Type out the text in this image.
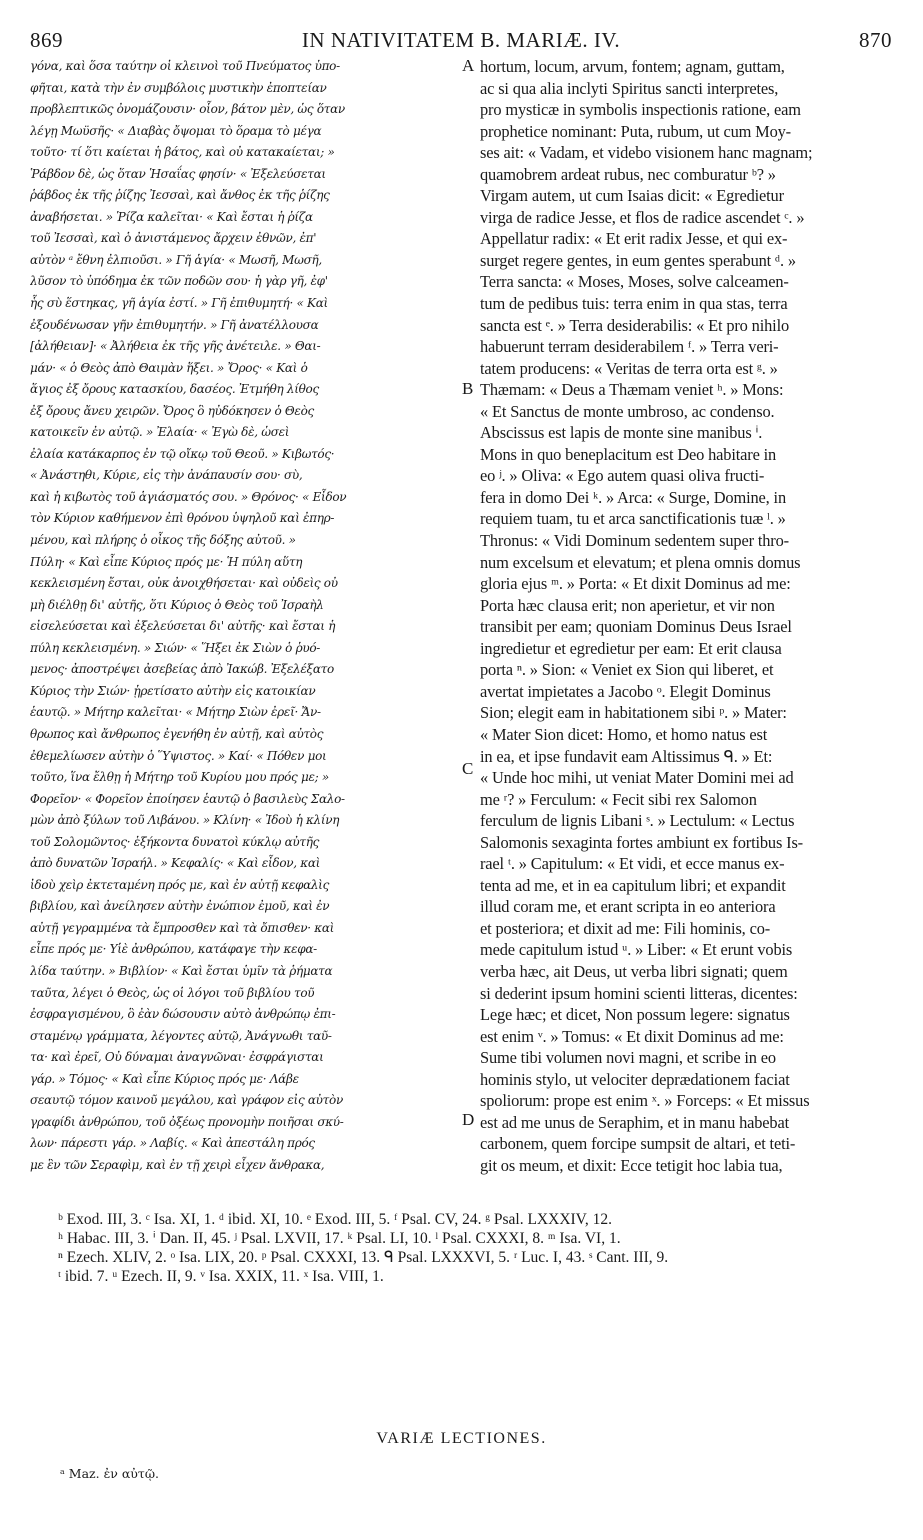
869	IN NATIVITATEM B. MARIÆ. IV.	870
γόνα, καὶ ὅσα ταύτην οἱ κλεινοὶ τοῦ Πνεύματος ὑπο-
φῆται, κατὰ τὴν ἐν συμβόλοις μυστικὴν ἐποπτείαν
προβλεπτικῶς ὀνομάζουσιν· οἷον, βάτον μὲν, ὡς ὅταν
λέγῃ Μωϋσῆς· « Διαβὰς ὄψομαι τὸ ὅραμα τὸ μέγα
τοῦτο· τί ὅτι καίεται ἡ βάτος, καὶ οὐ κατακαίεται; »
Ῥάβδον δὲ, ὡς ὅταν Ἡσαΐας φησίν· « Ἐξελεύσεται
ῥάβδος ἐκ τῆς ῥίζης Ἰεσσαὶ, καὶ ἄνθος ἐκ τῆς ῥίζης
ἀναβήσεται. » Ῥίζα καλεῖται· « Καὶ ἔσται ἡ ῥίζα
τοῦ Ἰεσσαὶ, καὶ ὁ ἀνιστάμενος ἄρχειν ἐθνῶν, ἐπ'
αὐτὸν ᵃ ἔθνη ἐλπιοῦσι. » Γῆ ἁγία· « Μωσῆ, Μωσῆ,
λῦσον τὸ ὑπόδημα ἐκ τῶν ποδῶν σου· ἡ γὰρ γῆ, ἐφ'
ἧς σὺ ἕστηκας, γῆ ἁγία ἐστί. » Γῆ ἐπιθυμητή· « Καὶ
ἐξουδένωσαν γῆν ἐπιθυμητήν. » Γῆ ἀνατέλλουσα
[ἀλήθειαν]· « Ἀλήθεια ἐκ τῆς γῆς ἀνέτειλε. » Θαι-
μάν· « ὁ Θεὸς ἀπὸ Θαιμὰν ἥξει. » Ὄρος· « Καὶ ὁ
ἅγιος ἐξ ὄρους κατασκίου, δασέος. Ἐτμήθη λίθος
ἐξ ὄρους ἄνευ χειρῶν. Ὄρος ὃ ηὐδόκησεν ὁ Θεὸς
κατοικεῖν ἐν αὐτῷ. » Ἐλαία· « Ἐγὼ δὲ, ὡσεὶ
ἐλαία κατάκαρπος ἐν τῷ οἴκῳ τοῦ Θεοῦ. » Κιβωτός·
« Ἀνάστηθι, Κύριε, εἰς τὴν ἀνάπαυσίν σου· σὺ,
καὶ ἡ κιβωτὸς τοῦ ἁγιάσματός σου. » Θρόνος· « Εἶδον
τὸν Κύριον καθήμενον ἐπὶ θρόνου ὑψηλοῦ καὶ ἐπηρ-
μένου, καὶ πλήρης ὁ οἶκος τῆς δόξης αὐτοῦ. »
Πύλη· « Καὶ εἶπε Κύριος πρός με· Ἡ πύλη αὕτη
κεκλεισμένη ἔσται, οὐκ ἀνοιχθήσεται· καὶ οὐδεὶς οὐ
μὴ διέλθῃ δι' αὐτῆς, ὅτι Κύριος ὁ Θεὸς τοῦ Ἰσραὴλ
εἰσελεύσεται καὶ ἐξελεύσεται δι' αὐτῆς· καὶ ἔσται ἡ
πύλη κεκλεισμένη. » Σιών· « Ἥξει ἐκ Σιὼν ὁ ῥυό-
μενος· ἀποστρέψει ἀσεβείας ἀπὸ Ἰακώβ. Ἐξελέξατο
Κύριος τὴν Σιών· ᾑρετίσατο αὐτὴν εἰς κατοικίαν
ἑαυτῷ. » Μήτηρ καλεῖται· « Μήτηρ Σιὼν ἐρεῖ· Ἄν-
θρωπος καὶ ἄνθρωπος ἐγενήθη ἐν αὐτῇ, καὶ αὐτὸς
ἐθεμελίωσεν αὐτὴν ὁ Ὕψιστος. » Καί· « Πόθεν μοι
τοῦτο, ἵνα ἔλθῃ ἡ Μήτηρ τοῦ Κυρίου μου πρός με; »
Φορεῖον· « Φορεῖον ἐποίησεν ἑαυτῷ ὁ βασιλεὺς Σαλο-
μὼν ἀπὸ ξύλων τοῦ Λιβάνου. » Κλίνη· « Ἰδοὺ ἡ κλίνη
τοῦ Σολομῶντος· ἑξήκοντα δυνατοὶ κύκλῳ αὐτῆς
ἀπὸ δυνατῶν Ἰσραήλ. » Κεφαλίς· « Καὶ εἶδον, καὶ
ἰδοὺ χεὶρ ἐκτεταμένη πρός με, καὶ ἐν αὐτῇ κεφαλὶς
βιβλίου, καὶ ἀνείλησεν αὐτὴν ἐνώπιον ἐμοῦ, καὶ ἐν
αὐτῇ γεγραμμένα τὰ ἔμπροσθεν καὶ τὰ ὄπισθεν· καὶ
εἶπε πρός με· Υἱὲ ἀνθρώπου, κατάφαγε τὴν κεφα-
λίδα ταύτην. » Βιβλίον· « Καὶ ἔσται ὑμῖν τὰ ῥήματα
ταῦτα, λέγει ὁ Θεὸς, ὡς οἱ λόγοι τοῦ βιβλίου τοῦ
ἐσφραγισμένου, ὃ ἐὰν δώσουσιν αὐτὸ ἀνθρώπῳ ἐπι-
σταμένῳ γράμματα, λέγοντες αὐτῷ, Ἀνάγνωθι ταῦ-
τα· καὶ ἐρεῖ, Οὐ δύναμαι ἀναγνῶναι· ἐσφράγισται
γάρ. » Τόμος· « Καὶ εἶπε Κύριος πρός με· Λάβε
σεαυτῷ τόμον καινοῦ μεγάλου, καὶ γράφον εἰς αὐτὸν
γραφίδι ἀνθρώπου, τοῦ ὀξέως προνομὴν ποιῆσαι σκύ-
λων· πάρεστι γάρ. » Λαβίς. « Καὶ ἀπεστάλη πρός
με ἓν τῶν Σεραφὶμ, καὶ ἐν τῇ χειρὶ εἶχεν ἄνθρακα,
hortum, locum, arvum, fontem; agnam, guttam,
ac si qua alia inclyti Spiritus sancti interpretes,
pro mysticæ in symbolis inspectionis ratione, eam
prophetice nominant: Puta, rubum, ut cum Moy-
ses ait: « Vadam, et videbo visionem hanc magnam;
quamobrem ardeat rubus, nec comburatur ᵇ? »
Virgam autem, ut cum Isaias dicit: « Egredietur
virga de radice Jesse, et flos de radice ascendet ᶜ. »
Appellatur radix: « Et erit radix Jesse, et qui ex-
surget regere gentes, in eum gentes sperabunt ᵈ. »
Terra sancta: « Moses, Moses, solve calceamen-
tum de pedibus tuis: terra enim in qua stas, terra
sancta est ᵉ. » Terra desiderabilis: « Et pro nihilo
habuerunt terram desiderabilem ᶠ. » Terra veri-
tatem producens: « Veritas de terra orta est ᵍ. »
Thæmam: « Deus a Thæmam veniet ʰ. » Mons:
« Et Sanctus de monte umbroso, ac condenso.
Abscissus est lapis de monte sine manibus ⁱ.
Mons in quo beneplacitum est Deo habitare in
eo ʲ. » Oliva: « Ego autem quasi oliva fructi-
fera in domo Dei ᵏ. » Arca: « Surge, Domine, in
requiem tuam, tu et arca sanctificationis tuæ ˡ. »
Thronus: « Vidi Dominum sedentem super thro-
num excelsum et elevatum; et plena omnis domus
gloria ejus ᵐ. » Porta: « Et dixit Dominus ad me:
Porta hæc clausa erit; non aperietur, et vir non
transibit per eam; quoniam Dominus Deus Israel
ingredietur et egredietur per eam: Et erit clausa
porta ⁿ. » Sion: « Veniet ex Sion qui liberet, et
avertat impietates a Jacobo ᵒ. Elegit Dominus
Sion; elegit eam in habitationem sibi ᵖ. » Mater:
« Mater Sion dicet: Homo, et homo natus est
in ea, et ipse fundavit eam Altissimus ᑫ. » Et:
« Unde hoc mihi, ut veniat Mater Domini mei ad
me ʳ? » Ferculum: « Fecit sibi rex Salomon
ferculum de lignis Libani ˢ. » Lectulum: « Lectus
Salomonis sexaginta fortes ambiunt ex fortibus Is-
rael ᵗ. » Capitulum: « Et vidi, et ecce manus ex-
tenta ad me, et in ea capitulum libri; et expandit
illud coram me, et erant scripta in eo anteriora
et posteriora; et dixit ad me: Fili hominis, co-
mede capitulum istud ᵘ. » Liber: « Et erunt vobis
verba hæc, ait Deus, ut verba libri signati; quem
si dederint ipsum homini scienti litteras, dicentes:
Lege hæc; et dicet, Non possum legere: signatus
est enim ᵛ. » Tomus: « Et dixit Dominus ad me:
Sume tibi volumen novi magni, et scribe in eo
hominis stylo, ut velociter deprædationem faciat
spoliorum: prope est enim ˣ. » Forceps: « Et missus
est ad me unus de Seraphim, et in manu habebat
carbonem, quem forcipe sumpsit de altari, et teti-
git os meum, et dixit: Ecce tetigit hoc labia tua,
A
B
C
D
ᵇ Exod. III, 3. ᶜ Isa. XI, 1. ᵈ ibid. XI, 10. ᵉ Exod. III, 5. ᶠ Psal. CV, 24. ᵍ Psal. LXXXIV, 12.
ʰ Habac. III, 3. ⁱ Dan. II, 45. ʲ Psal. LXVII, 17. ᵏ Psal. LI, 10. ˡ Psal. CXXXI, 8. ᵐ Isa. VI, 1.
ⁿ Ezech. XLIV, 2. ᵒ Isa. LIX, 20. ᵖ Psal. CXXXI, 13. ᑫ Psal. LXXXVI, 5. ʳ Luc. I, 43. ˢ Cant. III, 9.
ᵗ ibid. 7. ᵘ Ezech. II, 9. ᵛ Isa. XXIX, 11. ˣ Isa. VIII, 1.
VARIÆ LECTIONES.
ᵃ Maz. ἐν αὐτῷ.
